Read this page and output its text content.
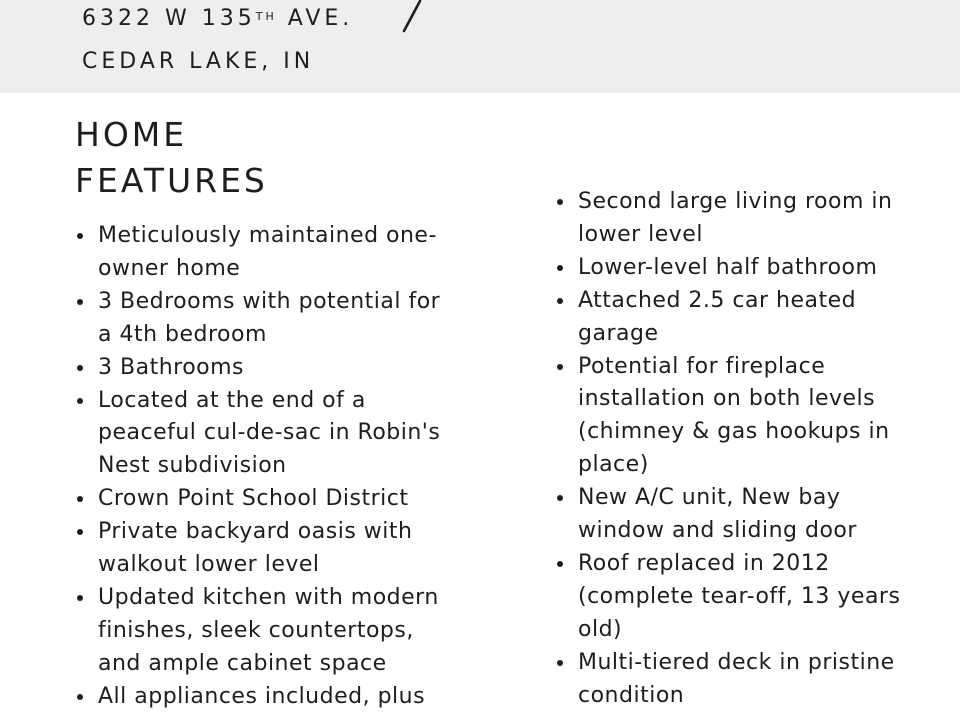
6322 W 135TH AVE.
CEDAR LAKE, IN
HOME
FEATURES
Meticulously maintained one-
owner home
3 Bedrooms with potential for
a 4th bedroom
3 Bathrooms
Located at the end of a
peaceful cul-de-sac in Robin's
Nest subdivision
Crown Point School District
Private backyard oasis with
walkout lower level
Updated kitchen with modern
finishes, sleek countertops,
and ample cabinet space
All appliances included, plus
Second large living room in
lower level
Lower-level half bathroom
Attached 2.5 car heated
garage
Potential for fireplace
installation on both levels
(chimney & gas hookups in
place)
New A/C unit, New bay
window and sliding door
Roof replaced in 2012
(complete tear-off, 13 years
old)
Multi-tiered deck in pristine
condition
